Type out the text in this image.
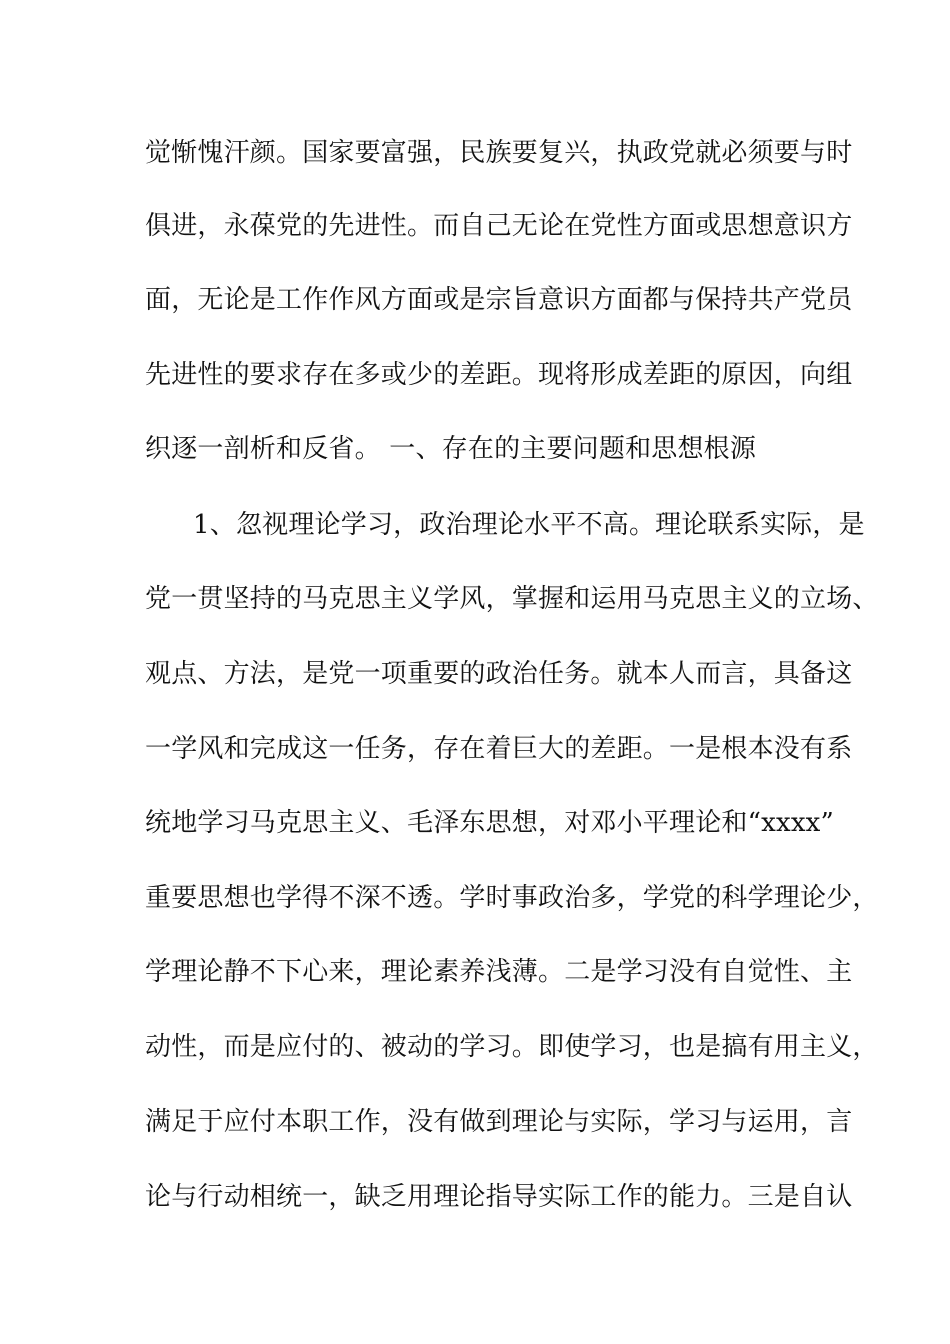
觉惭愧汗颜。国家要富强，民族要复兴，执政党就必须要与时
俱进，永葆党的先进性。而自己无论在党性方面或思想意识方
面，无论是工作作风方面或是宗旨意识方面都与保持共产党员
先进性的要求存在多或少的差距。现将形成差距的原因，向组
织逐一剖析和反省。 一、存在的主要问题和思想根源
1、忽视理论学习，政治理论水平不高。理论联系实际，是
党一贯坚持的马克思主义学风，掌握和运用马克思主义的立场、
观点、方法，是党一项重要的政治任务。就本人而言，具备这
一学风和完成这一任务，存在着巨大的差距。一是根本没有系
统地学习马克思主义、毛泽东思想，对邓小平理论和“xxxx”
重要思想也学得不深不透。学时事政治多，学党的科学理论少，
学理论静不下心来，理论素养浅薄。二是学习没有自觉性、主
动性，而是应付的、被动的学习。即使学习，也是搞有用主义，
满足于应付本职工作，没有做到理论与实际，学习与运用，言
论与行动相统一，缺乏用理论指导实际工作的能力。三是自认
